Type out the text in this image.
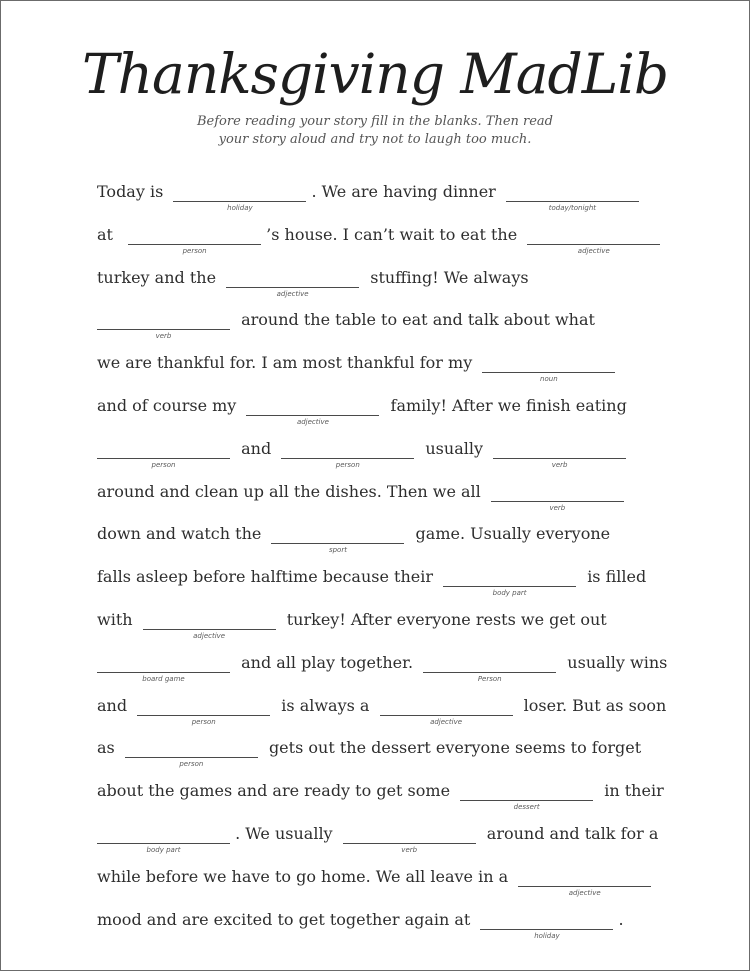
Thanksgiving MadLib
Before reading your story fill in the blanks. Then read
your story aloud and try not to laugh too much.
Today is
holiday
. We are having dinner
today/tonight
at
person
’s house. I can’t wait to eat the
adjective
turkey and the
adjective
stuffing! We always
verb
around the table to eat and talk about what
we are thankful for. I am most thankful for my
noun
and of course my
adjective
family! After we finish eating
person
and
person
usually
verb
around and clean up all the dishes. Then we all
verb
down and watch the
sport
game. Usually everyone
falls asleep before halftime because their
body part
is filled
with
adjective
turkey! After everyone rests we get out
board game
and all play together.
Person
usually wins
and
person
is always a
adjective
loser. But as soon
as
person
gets out the dessert everyone seems to forget
about the games and are ready to get some
dessert
in their
body part
. We usually
verb
around and talk for a
while before we have to go home. We all leave in a
adjective
mood and are excited to get together again at
holiday
.
